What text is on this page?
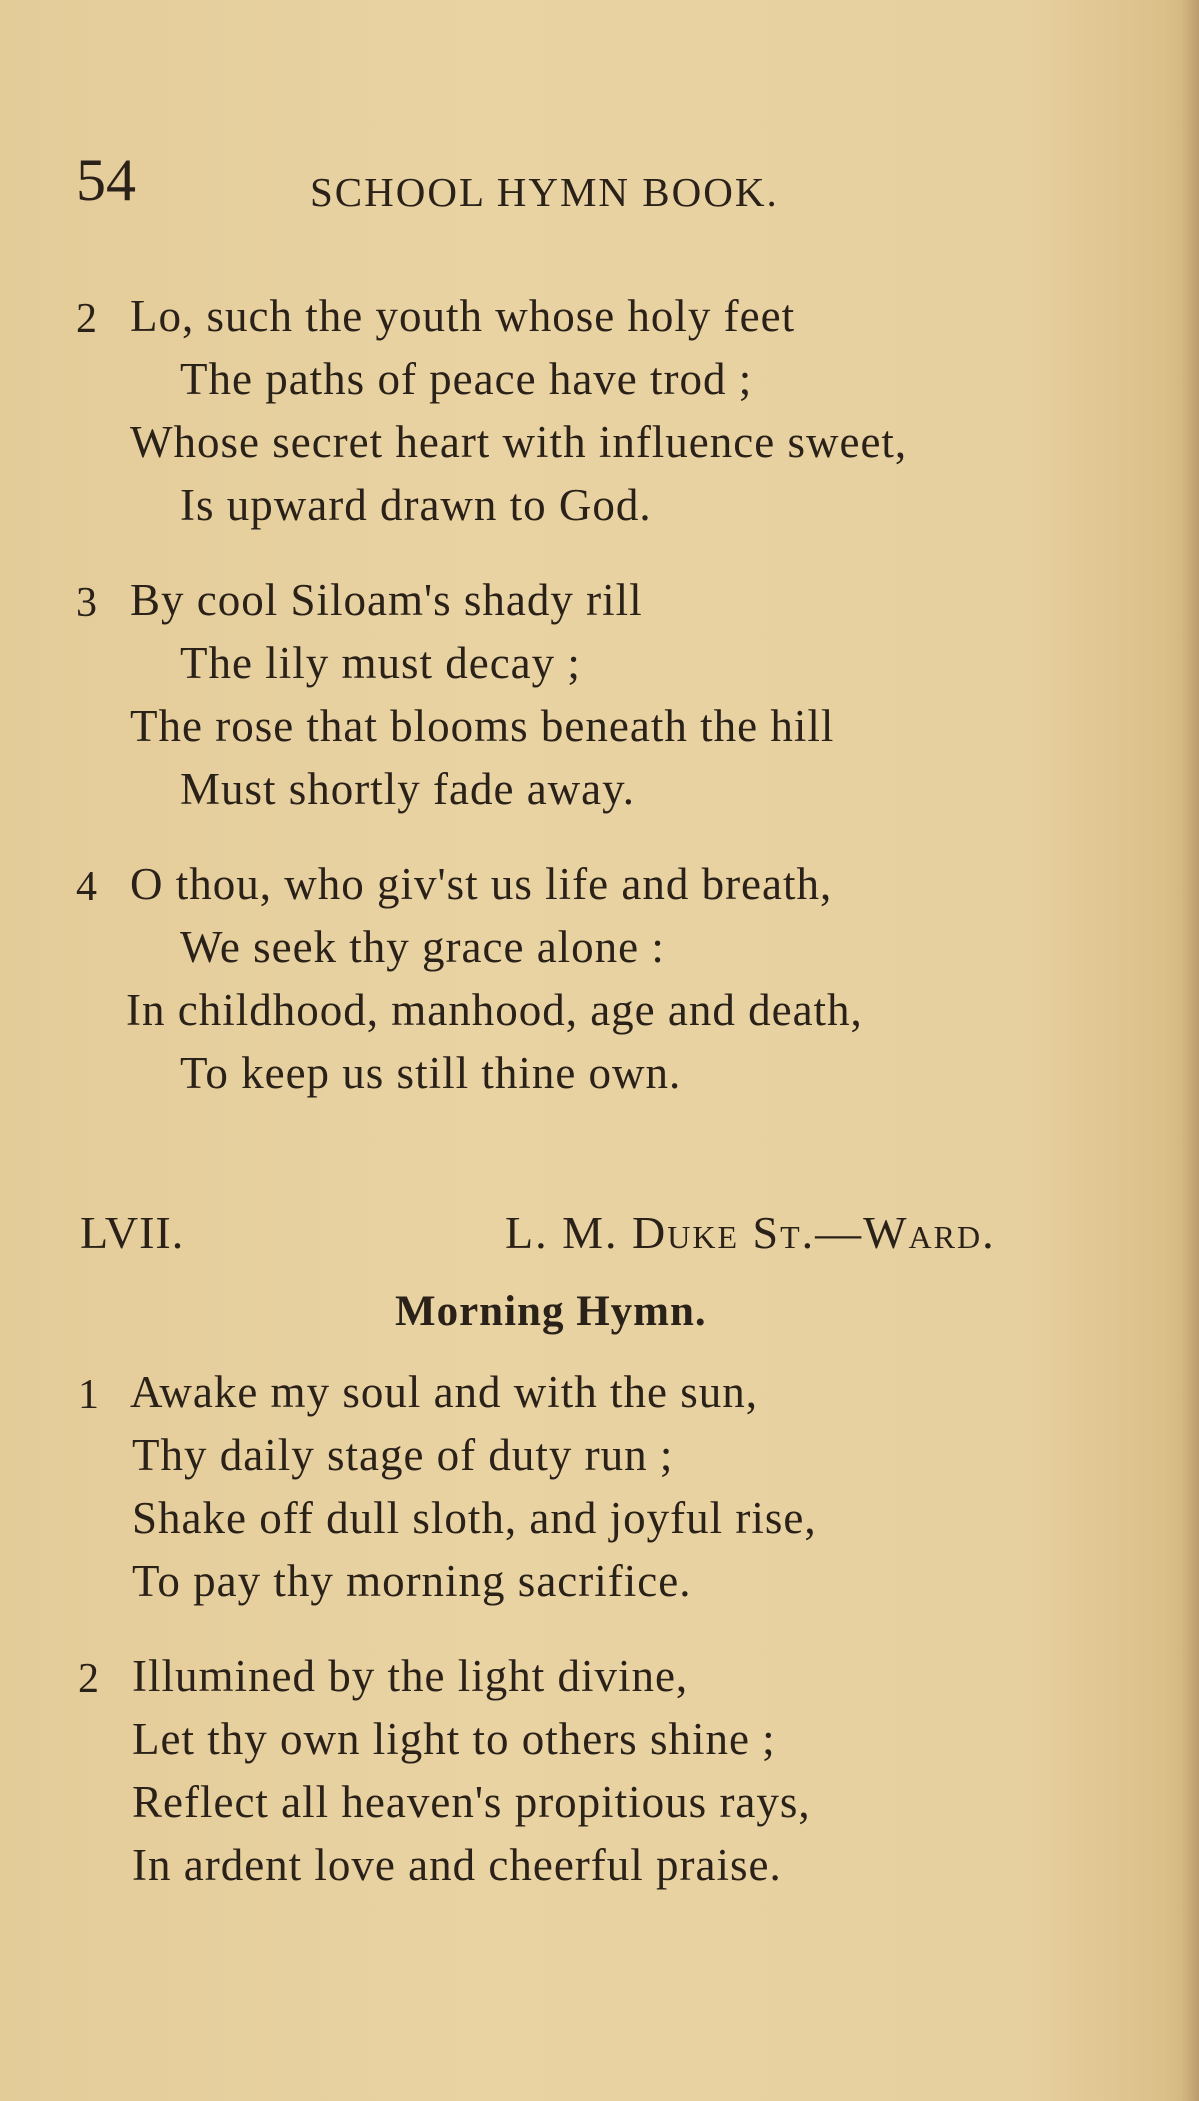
54	SCHOOL HYMN BOOK.
2 Lo, such the youth whose holy feet
The paths of peace have trod ;
Whose secret heart with influence sweet,
Is upward drawn to God.
3 By cool Siloam's shady rill
The lily must decay ;
The rose that blooms beneath the hill
Must shortly fade away.
4 O thou, who giv'st us life and breath,
We seek thy grace alone :
In childhood, manhood, age and death,
To keep us still thine own.
LVII.	L. M. Duke St.—Ward.
Morning Hymn.
1 Awake my soul and with the sun,
Thy daily stage of duty run ;
Shake off dull sloth, and joyful rise,
To pay thy morning sacrifice.
2 Illumined by the light divine,
Let thy own light to others shine ;
Reflect all heaven's propitious rays,
In ardent love and cheerful praise.
